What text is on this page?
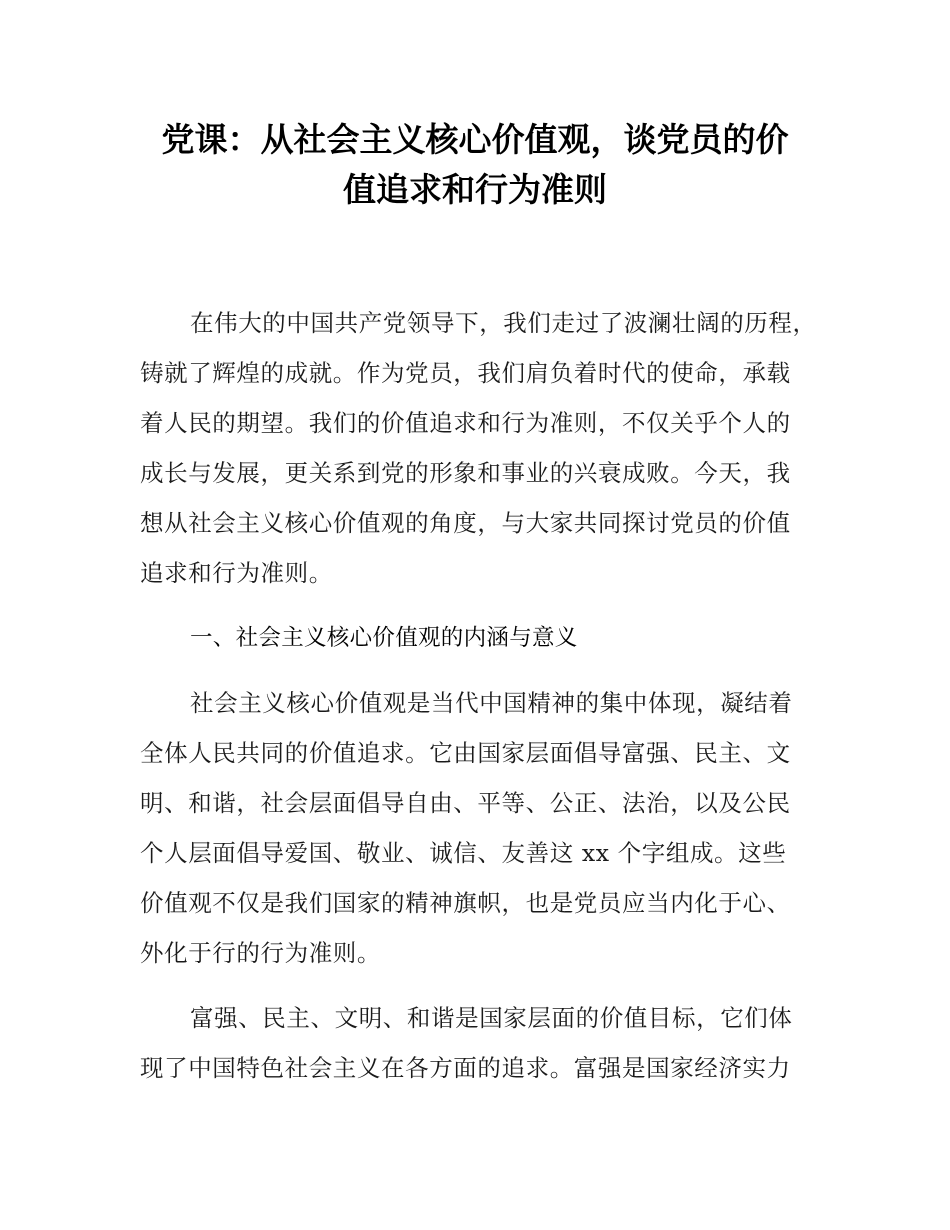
党课：从社会主义核心价值观，谈党员的价
值追求和行为准则
在伟大的中国共产党领导下，我们走过了波澜壮阔的历程，
铸就了辉煌的成就。作为党员，我们肩负着时代的使命，承载
着人民的期望。我们的价值追求和行为准则，不仅关乎个人的
成长与发展，更关系到党的形象和事业的兴衰成败。今天，我
想从社会主义核心价值观的角度，与大家共同探讨党员的价值
追求和行为准则。
一、社会主义核心价值观的内涵与意义
社会主义核心价值观是当代中国精神的集中体现，凝结着
全体人民共同的价值追求。它由国家层面倡导富强、民主、文
明、和谐，社会层面倡导自由、平等、公正、法治，以及公民
个人层面倡导爱国、敬业、诚信、友善这 xx 个字组成。这些
价值观不仅是我们国家的精神旗帜，也是党员应当内化于心、
外化于行的行为准则。
富强、民主、文明、和谐是国家层面的价值目标，它们体
现了中国特色社会主义在各方面的追求。富强是国家经济实力
